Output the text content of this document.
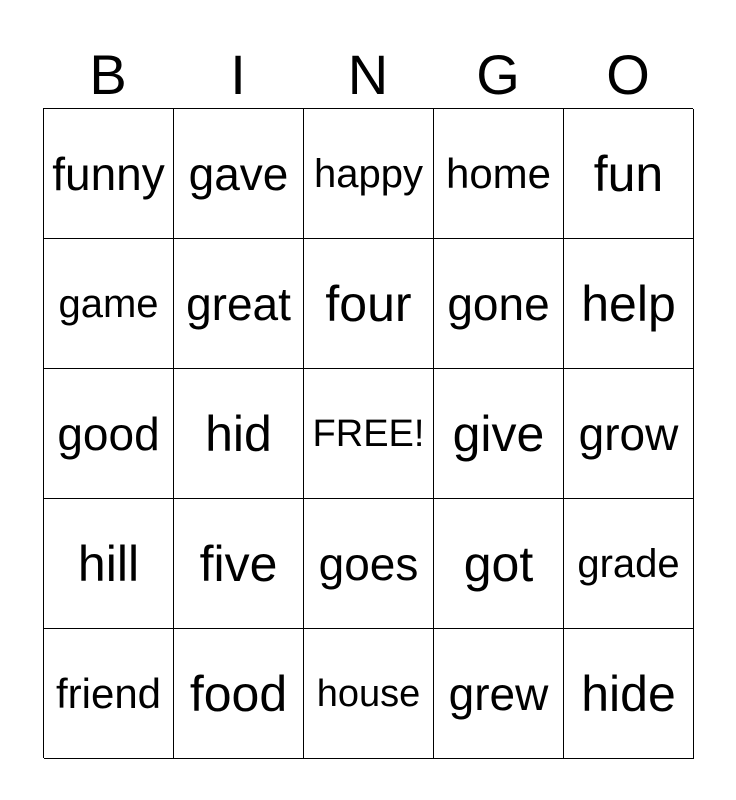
B	I	N	G	O
funny gave happy home fun
game great four gone help
good hid FREE! give grow
hill five goes got grade
friend food house grew hide
